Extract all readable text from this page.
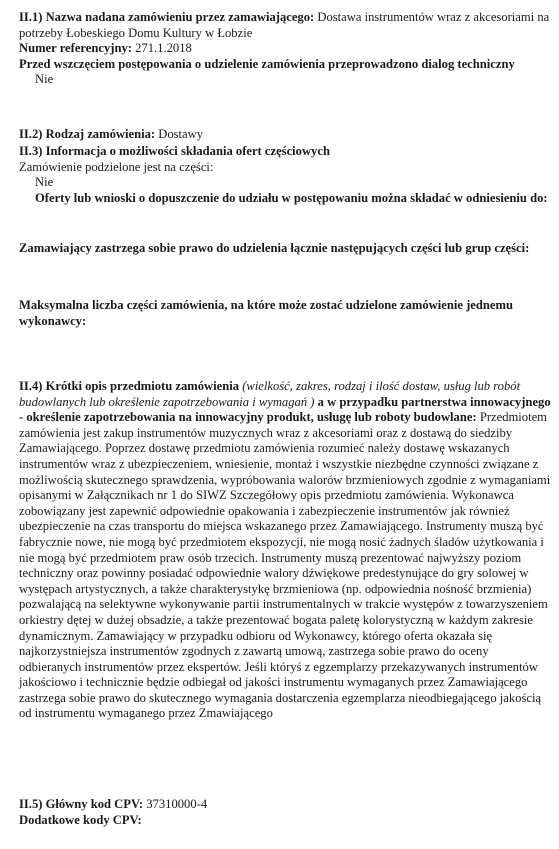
II.1) Nazwa nadana zamówieniu przez zamawiającego: Dostawa instrumentów wraz z akcesoriami na potrzeby Łobeskiego Domu Kultury w Łobzie

Numer referencyjny: 271.1.2018

Przed wszczęciem postępowania o udzielenie zamówienia przeprowadzono dialog techniczny

Nie

II.2) Rodzaj zamówienia: Dostawy

II.3) Informacja o możliwości składania ofert częściowych

Zamówienie podzielone jest na części:

Nie

Oferty lub wnioski o dopuszczenie do udziału w postępowaniu można składać w odniesieniu do:

Zamawiający zastrzega sobie prawo do udzielenia łącznie następujących części lub grup części:

Maksymalna liczba części zamówienia, na które może zostać udzielone zamówienie jednemu wykonawcy:

II.4) Krótki opis przedmiotu zamówienia (wielkość, zakres, rodzaj i ilość dostaw, usług lub robót budowlanych lub określenie zapotrzebowania i wymagań ) a w przypadku partnerstwa innowacyjnego - określenie zapotrzebowania na innowacyjny produkt, usługę lub roboty budowlane: Przedmiotem zamówienia jest zakup instrumentów muzycznych wraz z akcesoriami oraz z dostawą do siedziby Zamawiającego. Poprzez dostawę przedmiotu zamówienia rozumieć należy dostawę wskazanych instrumentów wraz z ubezpieczeniem, wniesienie, montaż i wszystkie niezbędne czynności związane z możliwością skutecznego sprawdzenia, wypróbowania walorów brzmieniowych zgodnie z wymaganiami opisanymi w Załącznikach nr 1 do SIWZ Szczegółowy opis przedmiotu zamówienia. Wykonawca zobowiązany jest zapewnić odpowiednie opakowania i zabezpieczenie instrumentów jak również ubezpieczenie na czas transportu do miejsca wskazanego przez Zamawiającego. Instrumenty muszą być fabrycznie nowe, nie mogą być przedmiotem ekspozycji, nie mogą nosić żadnych śladów użytkowania i nie mogą być przedmiotem praw osób trzecich. Instrumenty muszą prezentować najwyższy poziom techniczny oraz powinny posiadać odpowiednie walory dźwiękowe predestynujące do gry solowej w występach artystycznych, a także charakterystykę brzmieniowa (np. odpowiednia nośność brzmienia) pozwalającą na selektywne wykonywanie partii instrumentalnych w trakcie występów z towarzyszeniem orkiestry dętej w dużej obsadzie, a także prezentować bogata paletę kolorystyczną w każdym zakresie dynamicznym. Zamawiający w przypadku odbioru od Wykonawcy, którego oferta okazała się najkorzystniejsza instrumentów zgodnych z zawartą umową, zastrzega sobie prawo do oceny odbieranych instrumentów przez ekspertów. Jeśli któryś z egzemplarzy przekazywanych instrumentów jakościowo i technicznie będzie odbiegał od jakości instrumentu wymaganych przez Zamawiającego zastrzega sobie prawo do skutecznego wymagania dostarczenia egzemplarza nieodbiegającego jakością od instrumentu wymaganego przez Zmawiającego

II.5) Główny kod CPV: 37310000-4

Dodatkowe kody CPV:
